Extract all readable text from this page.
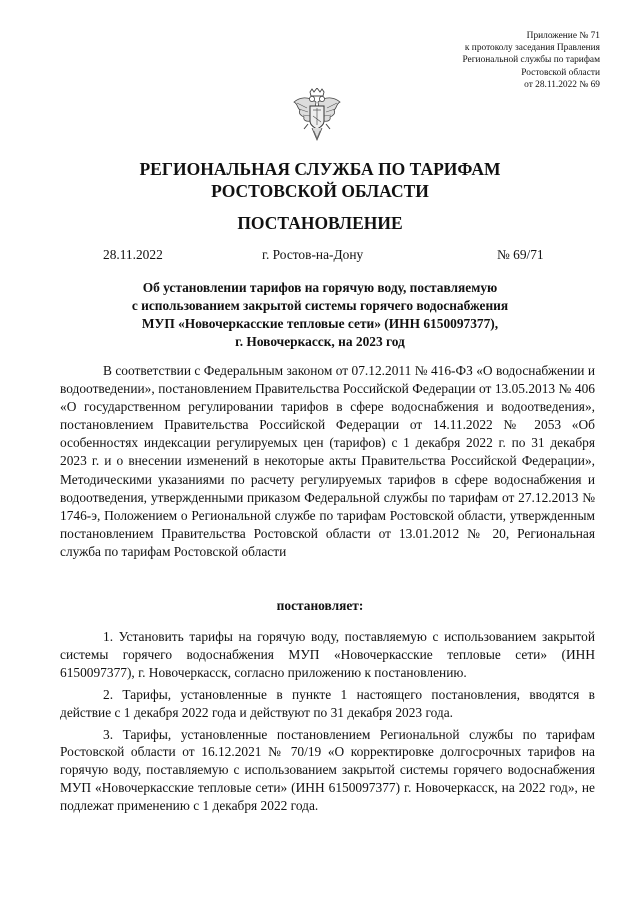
Приложение № 71
к протоколу заседания Правления
Региональной службы по тарифам
Ростовской области
от 28.11.2022 № 69
РЕГИОНАЛЬНАЯ СЛУЖБА ПО ТАРИФАМ
РОСТОВСКОЙ ОБЛАСТИ
ПОСТАНОВЛЕНИЕ
28.11.2022	г. Ростов-на-Дону	№ 69/71
Об установлении тарифов на горячую воду, поставляемую
с использованием закрытой системы горячего водоснабжения
МУП «Новочеркасские тепловые сети» (ИНН 6150097377),
г. Новочеркасск, на 2023 год
В соответствии с Федеральным законом от 07.12.2011 № 416-ФЗ «О водоснабжении и водоотведении», постановлением Правительства Российской Федерации от 13.05.2013 № 406 «О государственном регулировании тарифов в сфере водоснабжения и водоотведения», постановлением Правительства Российской Федерации от 14.11.2022 № 2053 «Об особенностях индексации регулируемых цен (тарифов) с 1 декабря 2022 г. по 31 декабря 2023 г. и о внесении изменений в некоторые акты Правительства Российской Федерации», Методическими указаниями по расчету регулируемых тарифов в сфере водоснабжения и водоотведения, утвержденными приказом Федеральной службы по тарифам от 27.12.2013 № 1746-э, Положением о Региональной службе по тарифам Ростовской области, утвержденным постановлением Правительства Ростовской области от 13.01.2012 № 20, Региональная служба по тарифам Ростовской области
постановляет:

1. Установить тарифы на горячую воду, поставляемую с использованием закрытой системы горячего водоснабжения МУП «Новочеркасские тепловые сети» (ИНН 6150097377), г. Новочеркасск, согласно приложению к постановлению.

2. Тарифы, установленные в пункте 1 настоящего постановления, вводятся в действие с 1 декабря 2022 года и действуют по 31 декабря 2023 года.

3. Тарифы, установленные постановлением Региональной службы по тарифам Ростовской области от 16.12.2021 № 70/19 «О корректировке долгосрочных тарифов на горячую воду, поставляемую с использованием закрытой системы горячего водоснабжения МУП «Новочеркасские тепловые сети» (ИНН 6150097377) г. Новочеркасск, на 2022 год», не подлежат применению с 1 декабря 2022 года.
